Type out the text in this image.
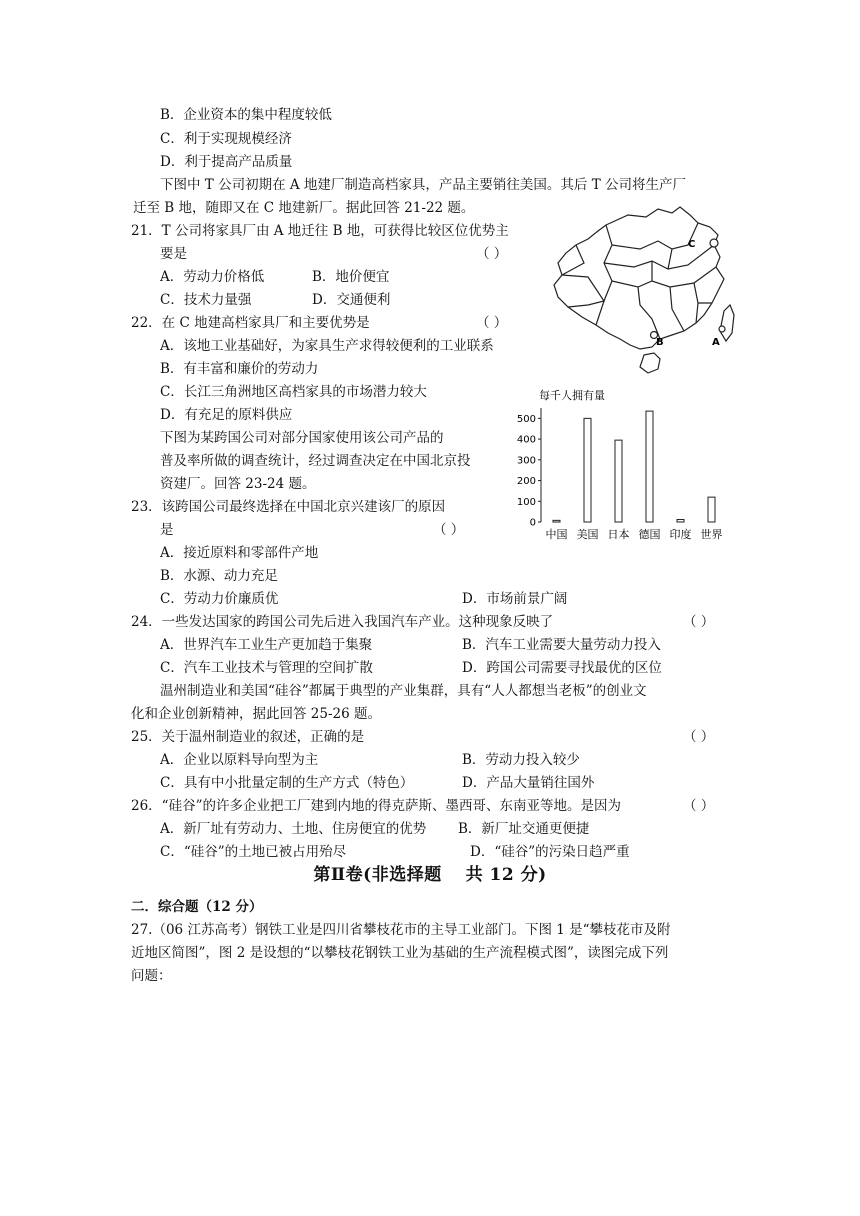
B．企业资本的集中程度较低
C．利于实现规模经济
D．利于提高产品质量
下图中 T 公司初期在 A 地建厂制造高档家具，产品主要销往美国。其后 T 公司将生产厂
迁至 B 地，随即又在 C 地建新厂。据此回答 21-22 题。
21．T 公司将家具厂由 A 地迁往 B 地，可获得比较区位优势主
要是	（ ）
A．劳动力价格低	B．地价便宜
C．技术力量强	D．交通便利
22．在 C 地建高档家具厂和主要优势是	（ ）
A．该地工业基础好，为家具生产求得较便利的工业联系
B．有丰富和廉价的劳动力
C．长江三角洲地区高档家具的市场潜力较大
D．有充足的原料供应
下图为某跨国公司对部分国家使用该公司产品的
普及率所做的调查统计，经过调查决定在中国北京投
资建厂。回答 23-24 题。
23．该跨国公司最终选择在中国北京兴建该厂的原因
是	（ ）
A．接近原料和零部件产地
B．水源、动力充足
C．劳动力价廉质优	D．市场前景广阔
24．一些发达国家的跨国公司先后进入我国汽车产业。这种现象反映了	（ ）
A．世界汽车工业生产更加趋于集聚	B．汽车工业需要大量劳动力投入
C．汽车工业技术与管理的空间扩散	D．跨国公司需要寻找最优的区位
温州制造业和美国“硅谷”都属于典型的产业集群，具有“人人都想当老板”的创业文
化和企业创新精神，据此回答 25-26 题。
25．关于温州制造业的叙述，正确的是	（ ）
A．企业以原料导向型为主	B．劳动力投入较少
C．具有中小批量定制的生产方式（特色）	D．产品大量销往国外
26．“硅谷”的许多企业把工厂建到内地的得克萨斯、墨西哥、东南亚等地。是因为	（ ）
A．新厂址有劳动力、土地、住房便宜的优势 B．新厂址交通更便捷
C．“硅谷”的土地已被占用殆尽	D．“硅谷”的污染日趋严重
第Ⅱ卷(非选择题　 共 12 分)
二．综合题（12 分）
27.（06 江苏高考）钢铁工业是四川省攀枝花市的主导工业部门。下图 1 是“攀枝花市及附
近地区简图”，图 2 是设想的“以攀枝花钢铁工业为基础的生产流程模式图”，读图完成下列
问题：
C
B	A
每千人拥有量
0
100
200
300
400
500
中国 美国 日本 德国 印度 世界
